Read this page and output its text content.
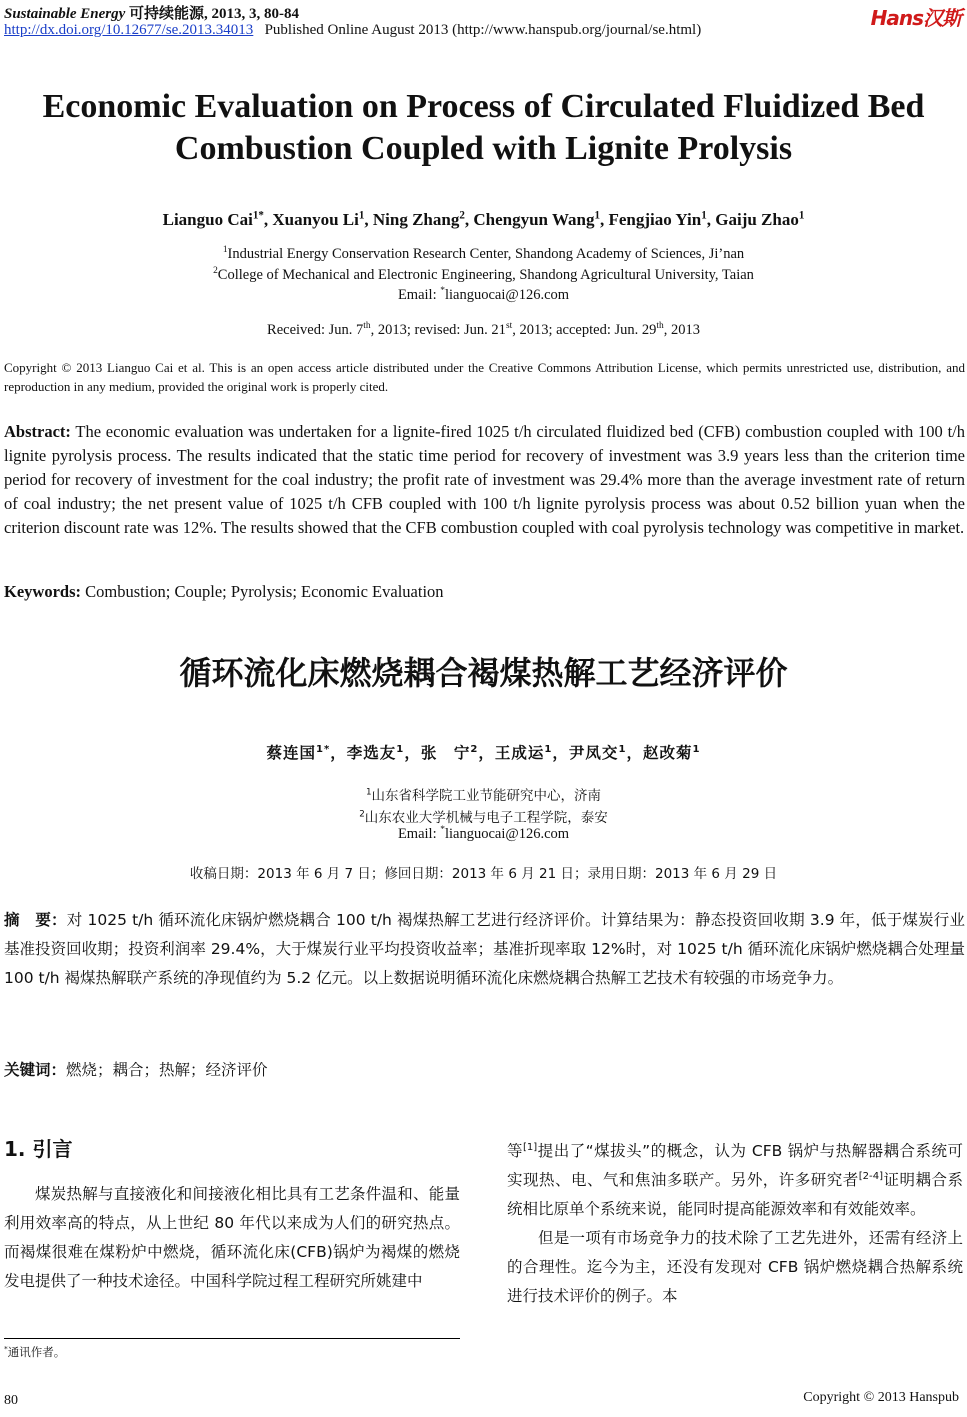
Sustainable Energy 可持续能源, 2013, 3, 80-84
http://dx.doi.org/10.12677/se.2013.34013 Published Online August 2013 (http://www.hanspub.org/journal/se.html)	Hans汉斯
Economic Evaluation on Process of Circulated Fluidized Bed Combustion Coupled with Lignite Prolysis
Lianguo Cai$^{1*}$, Xuanyou Li$^1$, Ning Zhang$^2$, Chengyun Wang$^1$, Fengjiao Yin$^1$, Gaiju Zhao$^1$
$^1$Industrial Energy Conservation Research Center, Shandong Academy of Sciences, Ji’nan
$^2$College of Mechanical and Electronic Engineering, Shandong Agricultural University, Taian
Email: *lianguocai@126.com
Received: Jun. 7th, 2013; revised: Jun. 21st, 2013; accepted: Jun. 29th, 2013
Copyright © 2013 Lianguo Cai et al. This is an open access article distributed under the Creative Commons Attribution License, which permits unrestricted use, distribution, and reproduction in any medium, provided the original work is properly cited.
Abstract: The economic evaluation was undertaken for a lignite-fired 1025 t/h circulated fluidized bed (CFB) combustion coupled with 100 t/h lignite pyrolysis process. The results indicated that the static time period for recovery of investment was 3.9 years less than the criterion time period for recovery of investment for the coal industry; the profit rate of investment was 29.4% more than the average investment rate of return of coal industry; the net present value of 1025 t/h CFB coupled with 100 t/h lignite pyrolysis process was about 0.52 billion yuan when the criterion discount rate was 12%. The results showed that the CFB combustion coupled with coal pyrolysis technology was competitive in market.
Keywords: Combustion; Couple; Pyrolysis; Economic Evaluation
循环流化床燃烧耦合褐煤热解工艺经济评价
蔡连国$^{1*}$，李选友$^1$，张　宁$^2$，王成运$^1$，尹凤交$^1$，赵改菊$^1$
$^1$山东省科学院工业节能研究中心，济南
$^2$山东农业大学机械与电子工程学院，泰安
Email: *lianguocai@126.com
收稿日期：2013 年 6 月 7 日；修回日期：2013 年 6 月 21 日；录用日期：2013 年 6 月 29 日
摘　要：对 1025 t/h 循环流化床锅炉燃烧耦合 100 t/h 褐煤热解工艺进行经济评价。计算结果为：静态投资回收期 3.9 年，低于煤炭行业基准投资回收期；投资利润率 29.4%，大于煤炭行业平均投资收益率；基准折现率取 12%时，对 1025 t/h 循环流化床锅炉燃烧耦合处理量 100 t/h 褐煤热解联产系统的净现值约为 5.2 亿元。以上数据说明循环流化床燃烧耦合热解工艺技术有较强的市场竞争力。
关键词：燃烧；耦合；热解；经济评价
1. 引言
煤炭热解与直接液化和间接液化相比具有工艺条件温和、能量利用效率高的特点，从上世纪 80 年代以来成为人们的研究热点。而褐煤很难在煤粉炉中燃烧，循环流化床(CFB)锅炉为褐煤的燃烧发电提供了一种技术途径。中国科学院过程工程研究所姚建中

等[1]提出了“煤拔头”的概念，认为 CFB 锅炉与热解器耦合系统可实现热、电、气和焦油多联产。另外，许多研究者[2-4]证明耦合系统相比原单个系统来说，能同时提高能源效率和有效能效率。

但是一项有市场竞争力的技术除了工艺先进外，还需有经济上的合理性。迄今为主，还没有发现对 CFB 锅炉燃烧耦合热解系统进行技术评价的例子。本

*通讯作者。
80	Copyright © 2013 Hanspub
